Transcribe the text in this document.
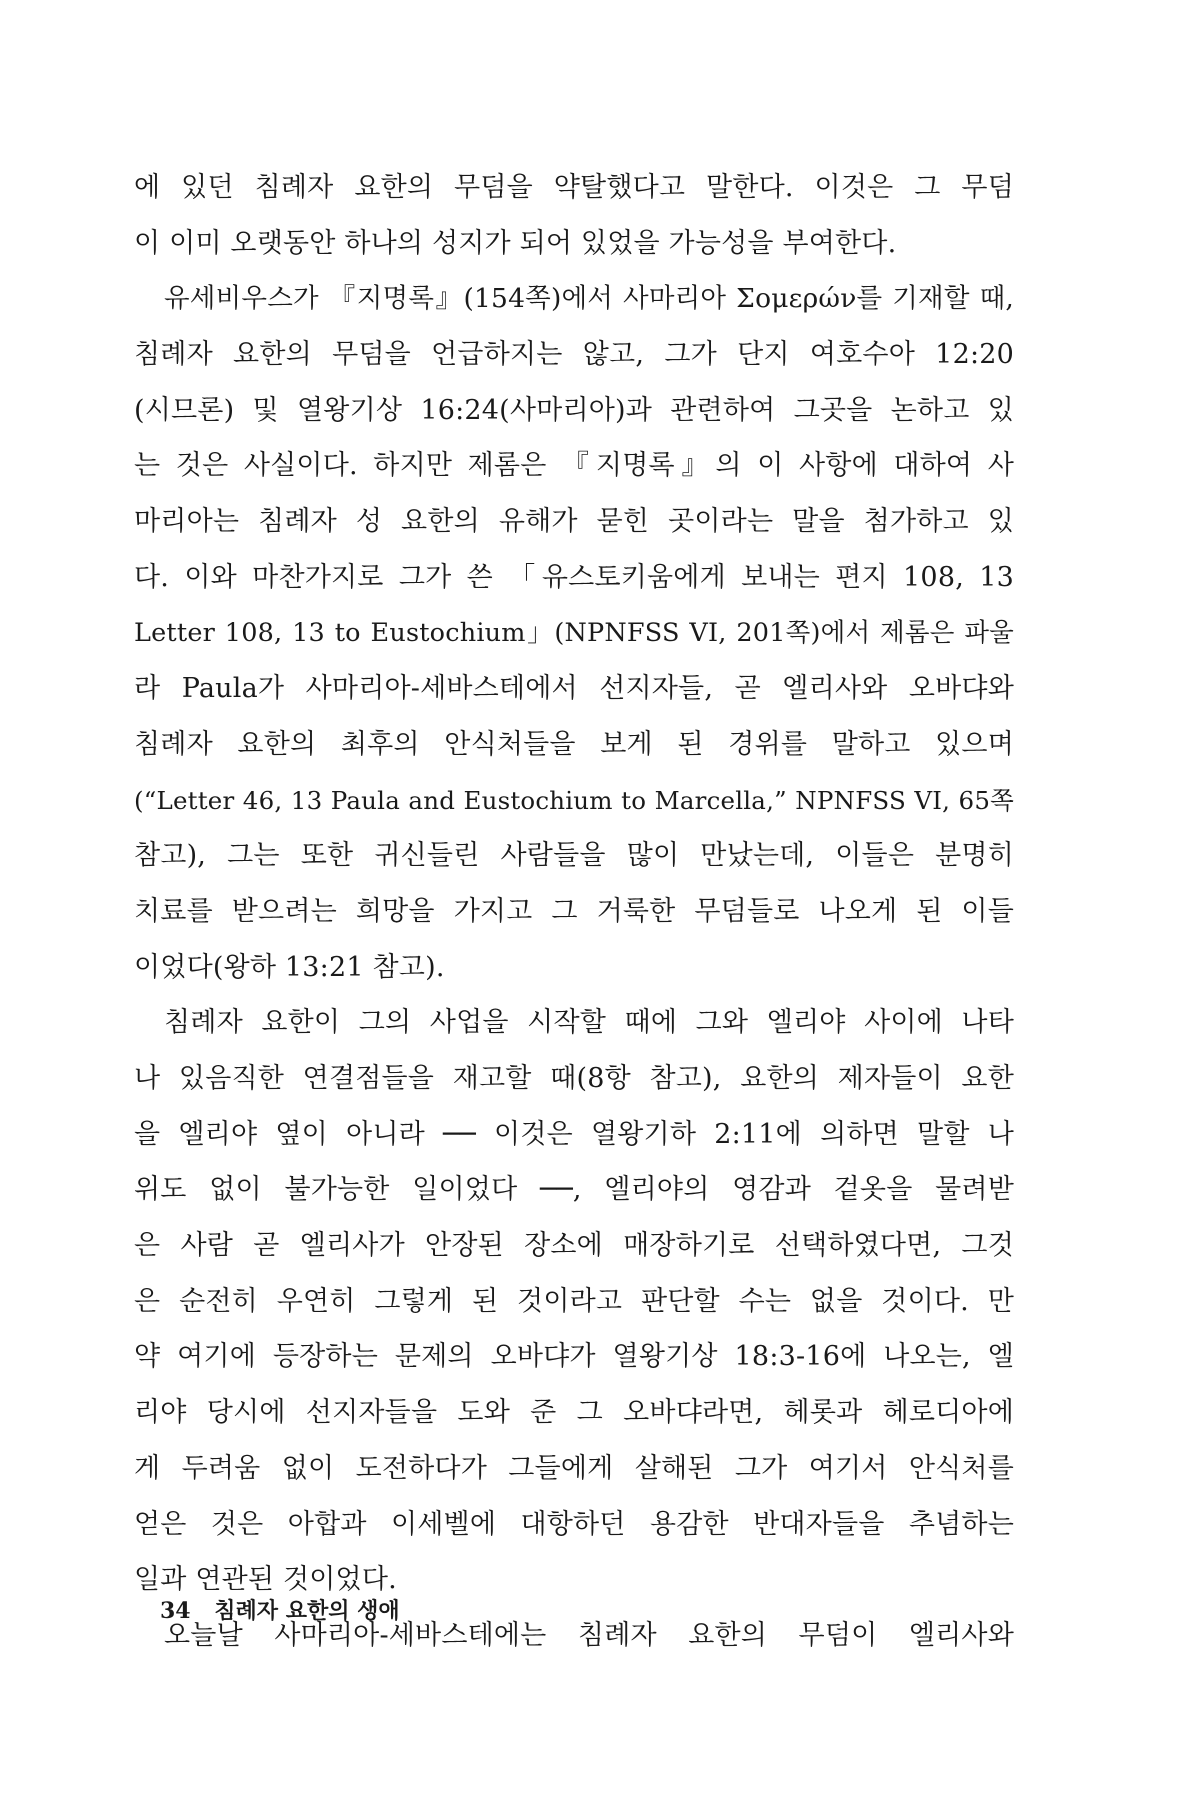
에 있던 침례자 요한의 무덤을 약탈했다고 말한다. 이것은 그 무덤
이 이미 오랫동안 하나의 성지가 되어 있었을 가능성을 부여한다.
유세비우스가 『지명록』(154쪽)에서 사마리아 Σομερών를 기재할 때,
침례자 요한의 무덤을 언급하지는 않고, 그가 단지 여호수아 12:20
(시므론) 및 열왕기상 16:24(사마리아)과 관련하여 그곳을 논하고 있
는 것은 사실이다. 하지만 제롬은 『지명록』의 이 사항에 대하여 사
마리아는 침례자 성 요한의 유해가 묻힌 곳이라는 말을 첨가하고 있
다. 이와 마찬가지로 그가 쓴 「유스토키움에게 보내는 편지 108, 13
Letter 108, 13 to Eustochium」(NPNFSS VI, 201쪽)에서 제롬은 파울
라 Paula가 사마리아-세바스테에서 선지자들, 곧 엘리사와 오바댜와
침례자 요한의 최후의 안식처들을 보게 된 경위를 말하고 있으며
(“Letter 46, 13 Paula and Eustochium to Marcella,” NPNFSS VI, 65쪽
참고), 그는 또한 귀신들린 사람들을 많이 만났는데, 이들은 분명히
치료를 받으려는 희망을 가지고 그 거룩한 무덤들로 나오게 된 이들
이었다(왕하 13:21 참고).
침례자 요한이 그의 사업을 시작할 때에 그와 엘리야 사이에 나타
나 있음직한 연결점들을 재고할 때(8항 참고), 요한의 제자들이 요한
을 엘리야 옆이 아니라 ── 이것은 열왕기하 2:11에 의하면 말할 나
위도 없이 불가능한 일이었다 ──, 엘리야의 영감과 겉옷을 물려받
은 사람 곧 엘리사가 안장된 장소에 매장하기로 선택하였다면, 그것
은 순전히 우연히 그렇게 된 것이라고 판단할 수는 없을 것이다. 만
약 여기에 등장하는 문제의 오바댜가 열왕기상 18:3-16에 나오는, 엘
리야 당시에 선지자들을 도와 준 그 오바댜라면, 헤롯과 헤로디아에
게 두려움 없이 도전하다가 그들에게 살해된 그가 여기서 안식처를
얻은 것은 아합과 이세벨에 대항하던 용감한 반대자들을 추념하는
일과 연관된 것이었다.
오늘날 사마리아-세바스테에는 침례자 요한의 무덤이 엘리사와
34 침례자 요한의 생애
